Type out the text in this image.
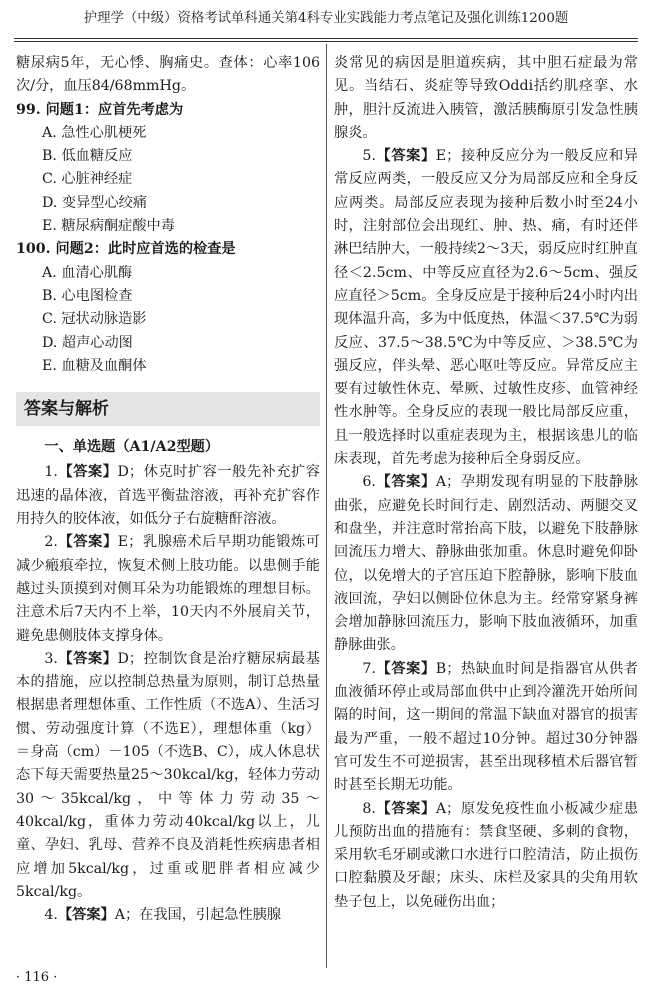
护理学（中级）资格考试单科通关第4科专业实践能力考点笔记及强化训练1200题

糖尿病5年，无心悸、胸痛史。查体：心率106次/分，血压84/68mmHg。

99. 问题1：应首先考虑为

A. 急性心肌梗死

B. 低血糖反应

C. 心脏神经症

D. 变异型心绞痛

E. 糖尿病酮症酸中毒

100. 问题2：此时应首选的检查是

A. 血清心肌酶

B. 心电图检查

C. 冠状动脉造影

D. 超声心动图

E. 血糖及血酮体

答案与解析

一、单选题（A1/A2型题）

1.【答案】D；休克时扩容一般先补充扩容迅速的晶体液，首选平衡盐溶液，再补充扩容作用持久的胶体液，如低分子右旋糖酐溶液。

2.【答案】E；乳腺癌术后早期功能锻炼可减少瘢痕牵拉，恢复术侧上肢功能。以患侧手能越过头顶摸到对侧耳朵为功能锻炼的理想目标。注意术后7天内不上举，10天内不外展肩关节，避免患侧肢体支撑身体。

3.【答案】D；控制饮食是治疗糖尿病最基本的措施，应以控制总热量为原则，制订总热量根据患者理想体重、工作性质（不选A）、生活习惯、劳动强度计算（不选E），理想体重（kg）＝身高（cm）－105（不选B、C），成人休息状态下每天需要热量25～30kcal/kg，轻体力劳动30～35kcal/kg，中等体力劳动35～40kcal/kg，重体力劳动40kcal/kg以上，儿童、孕妇、乳母、营养不良及消耗性疾病患者相应增加5kcal/kg，过重或肥胖者相应减少5kcal/kg。

4.【答案】A；在我国，引起急性胰腺

炎常见的病因是胆道疾病，其中胆石症最为常见。当结石、炎症等导致Oddi括约肌痉挛、水肿，胆汁反流进入胰管，激活胰酶原引发急性胰腺炎。

5.【答案】E；接种反应分为一般反应和异常反应两类，一般反应又分为局部反应和全身反应两类。局部反应表现为接种后数小时至24小时，注射部位会出现红、肿、热、痛，有时还伴淋巴结肿大，一般持续2～3天，弱反应时红肿直径＜2.5cm、中等反应直径为2.6～5cm、强反应直径＞5cm。全身反应是于接种后24小时内出现体温升高，多为中低度热，体温＜37.5℃为弱反应、37.5～38.5℃为中等反应、＞38.5℃为强反应，伴头晕、恶心呕吐等反应。异常反应主要有过敏性休克、晕厥、过敏性皮疹、血管神经性水肿等。全身反应的表现一般比局部反应重，且一般选择时以重症表现为主，根据该患儿的临床表现，首先考虑为接种后全身弱反应。

6.【答案】A；孕期发现有明显的下肢静脉曲张，应避免长时间行走、剧烈活动、两腿交叉和盘坐，并注意时常抬高下肢，以避免下肢静脉回流压力增大、静脉曲张加重。休息时避免仰卧位，以免增大的子宫压迫下腔静脉，影响下肢血液回流，孕妇以侧卧位休息为主。经常穿紧身裤会增加静脉回流压力，影响下肢血液循环，加重静脉曲张。

7.【答案】B；热缺血时间是指器官从供者血液循环停止或局部血供中止到冷灌洗开始所间隔的时间，这一期间的常温下缺血对器官的损害最为严重，一般不超过10分钟。超过30分钟器官可发生不可逆损害，甚至出现移植术后器官暂时甚至长期无功能。

8.【答案】A；原发免疫性血小板减少症患儿预防出血的措施有：禁食坚硬、多刺的食物，采用软毛牙刷或漱口水进行口腔清洁，防止损伤口腔黏膜及牙龈；床头、床栏及家具的尖角用软垫子包上，以免碰伤出血；

· 116 ·
